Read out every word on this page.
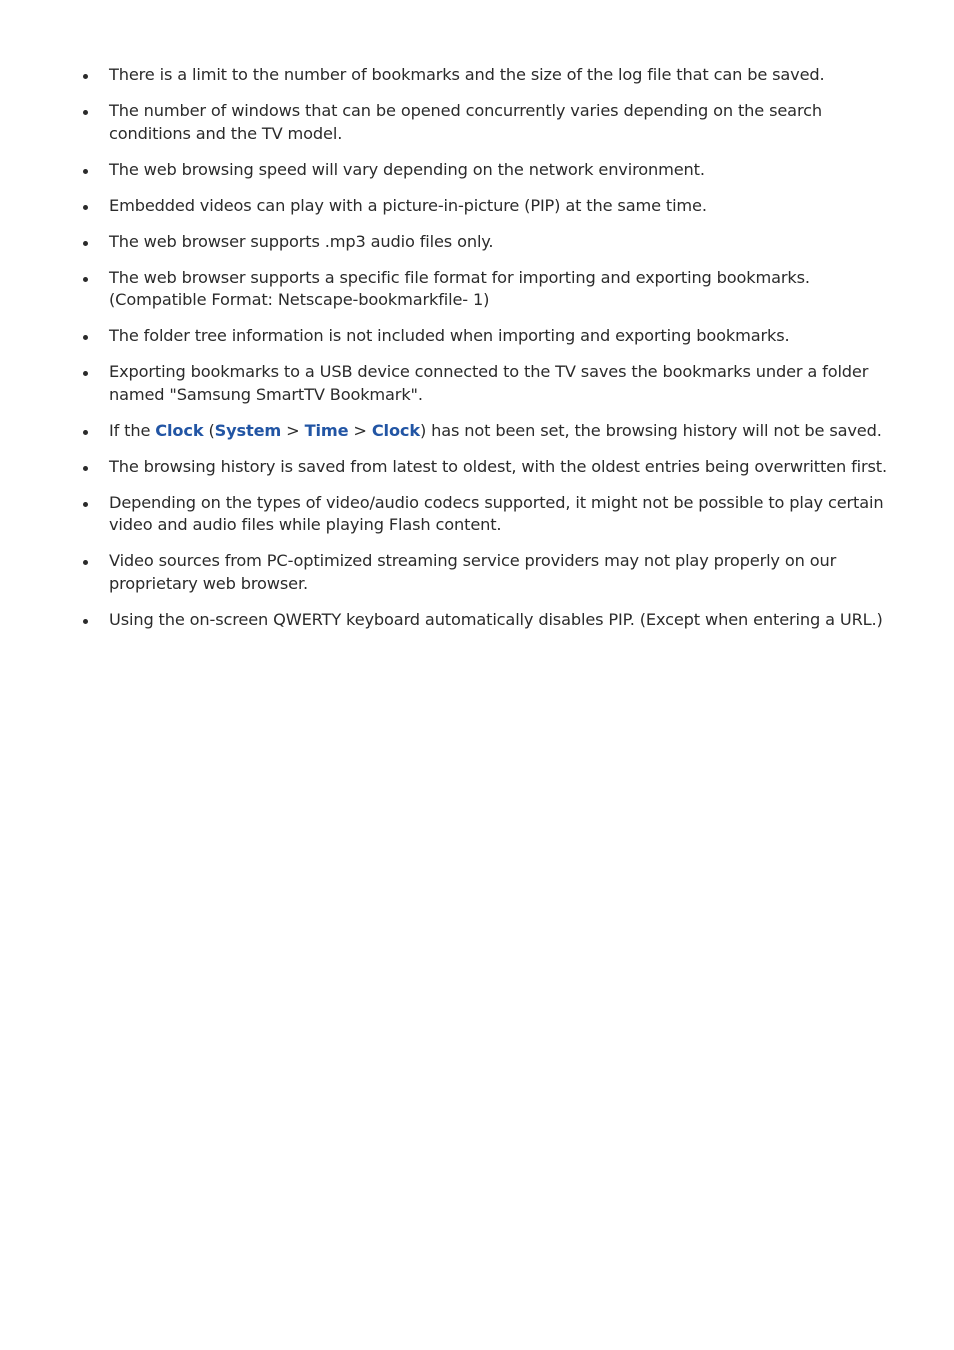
There is a limit to the number of bookmarks and the size of the log file that can be saved.
The number of windows that can be opened concurrently varies depending on the search conditions and the TV model.
The web browsing speed will vary depending on the network environment.
Embedded videos can play with a picture-in-picture (PIP) at the same time.
The web browser supports .mp3 audio files only.
The web browser supports a specific file format for importing and exporting bookmarks. (Compatible Format: Netscape-bookmarkfile- 1)
The folder tree information is not included when importing and exporting bookmarks.
Exporting bookmarks to a USB device connected to the TV saves the bookmarks under a folder named "Samsung SmartTV Bookmark".
If the Clock (System > Time > Clock) has not been set, the browsing history will not be saved.
The browsing history is saved from latest to oldest, with the oldest entries being overwritten first.
Depending on the types of video/audio codecs supported, it might not be possible to play certain video and audio files while playing Flash content.
Video sources from PC-optimized streaming service providers may not play properly on our proprietary web browser.
Using the on-screen QWERTY keyboard automatically disables PIP. (Except when entering a URL.)
